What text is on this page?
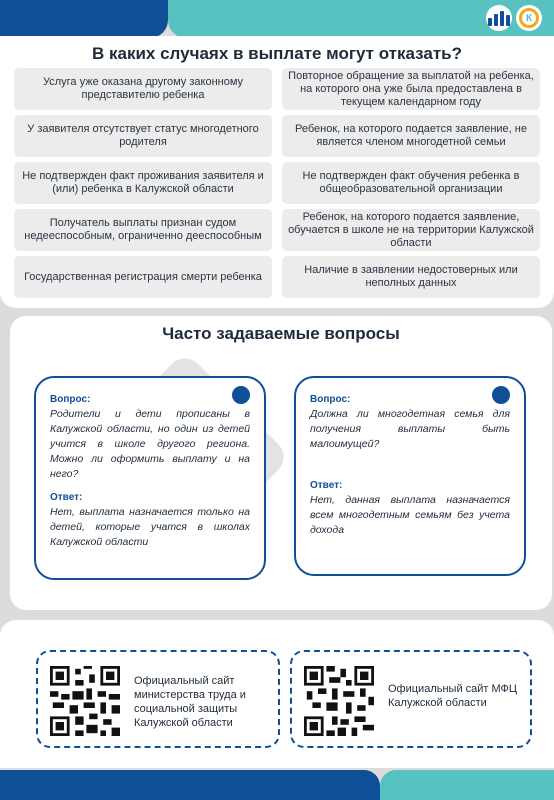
К
В каких случаях в выплате могут отказать?
Услуга уже оказана другому законному представителю ребенка
Повторное обращение за выплатой на ребенка, на которого она уже была предоставлена в текущем календарном году
У заявителя отсутствует статус многодетного родителя
Ребенок, на которого подается заявление, не является членом многодетной семьи
Не подтвержден факт проживания заявителя и (или) ребенка в Калужской области
Не подтвержден факт обучения ребенка в общеобразовательной организации
Получатель выплаты признан судом недееспособным, ограниченно дееспособным
Ребенок, на которого подается заявление, обучается в школе не на территории Калужской области
Государственная регистрация смерти ребенка
Наличие в заявлении недостоверных или неполных данных
Часто задаваемые вопросы
Вопрос:
Родители и дети прописаны в Калужской области, но один из детей учится в школе другого региона. Можно ли оформить выплату и на него?
Ответ:
Нет, выплата назначается только на детей, которые учатся в школах Калужской области
Вопрос:
Должна ли многодетная семья для получения выплаты быть малоимущей?
Ответ:
Нет, данная выплата назначается всем многодетным семьям без учета дохода
Официальный сайт министерства труда и социальной защиты Калужской области
Официальный сайт МФЦ Калужской области
